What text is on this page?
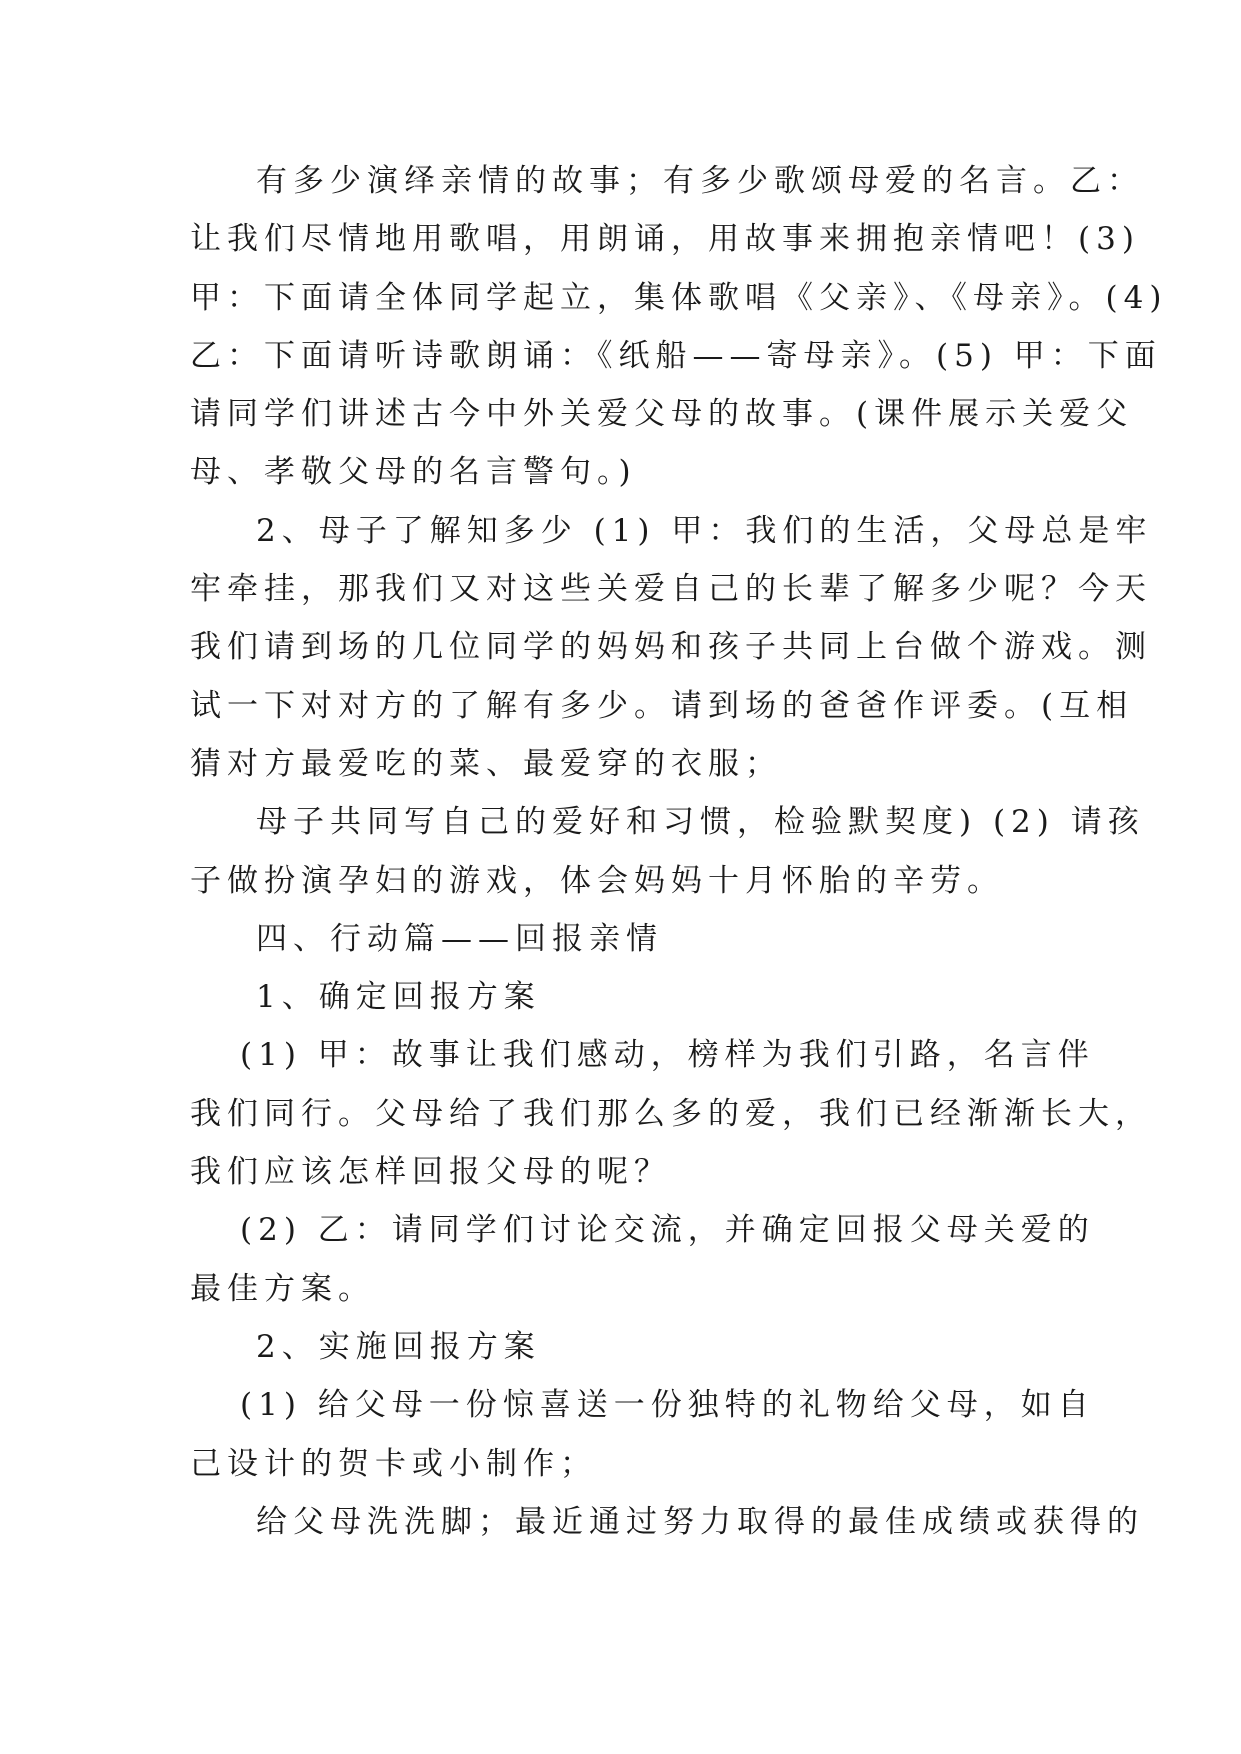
有多少演绎亲情的故事；有多少歌颂母爱的名言。乙：
让我们尽情地用歌唱，用朗诵，用故事来拥抱亲情吧！(3)
甲：下面请全体同学起立，集体歌唱《父亲》、《母亲》。(4)
乙：下面请听诗歌朗诵：《纸船——寄母亲》。(5) 甲：下面
请同学们讲述古今中外关爱父母的故事。(课件展示关爱父
母、孝敬父母的名言警句。)
2、母子了解知多少 (1) 甲：我们的生活，父母总是牢
牢牵挂，那我们又对这些关爱自己的长辈了解多少呢？今天
我们请到场的几位同学的妈妈和孩子共同上台做个游戏。测
试一下对对方的了解有多少。请到场的爸爸作评委。(互相
猜对方最爱吃的菜、最爱穿的衣服；
母子共同写自己的爱好和习惯，检验默契度) (2) 请孩
子做扮演孕妇的游戏，体会妈妈十月怀胎的辛劳。
四、行动篇——回报亲情
1、确定回报方案
(1) 甲：故事让我们感动，榜样为我们引路，名言伴
我们同行。父母给了我们那么多的爱，我们已经渐渐长大，
我们应该怎样回报父母的呢？
(2) 乙：请同学们讨论交流，并确定回报父母关爱的
最佳方案。
2、实施回报方案
(1) 给父母一份惊喜送一份独特的礼物给父母，如自
己设计的贺卡或小制作；
给父母洗洗脚；最近通过努力取得的最佳成绩或获得的
